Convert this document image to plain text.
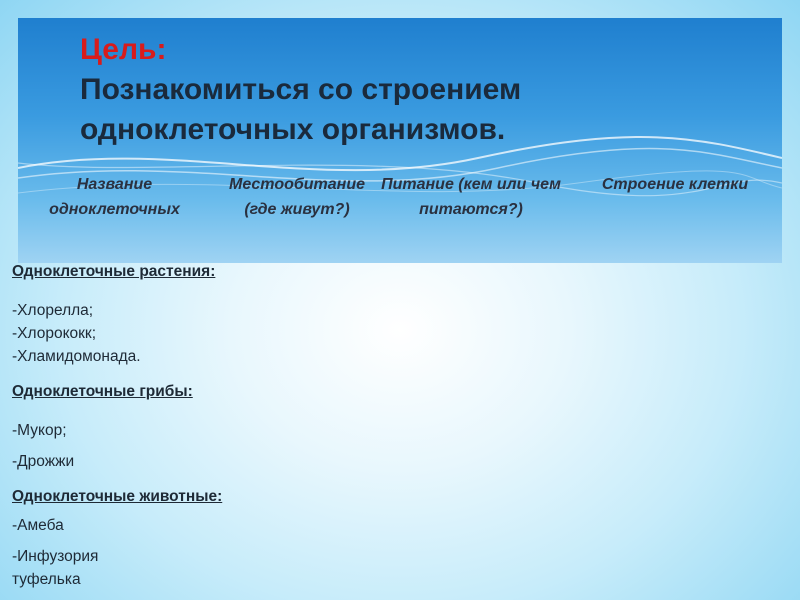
Цель:
Познакомиться со строением одноклеточных организмов.
Название одноклеточных
Местообитание (где живут?)
Питание (кем или чем питаются?)
Строение клетки
Одноклеточные растения:
-Хлорелла;
-Хлорококк;
-Хламидомонада.
Одноклеточные грибы:
-Мукор;
-Дрожжи
Одноклеточные животные:
-Амеба
-Инфузория туфелька
